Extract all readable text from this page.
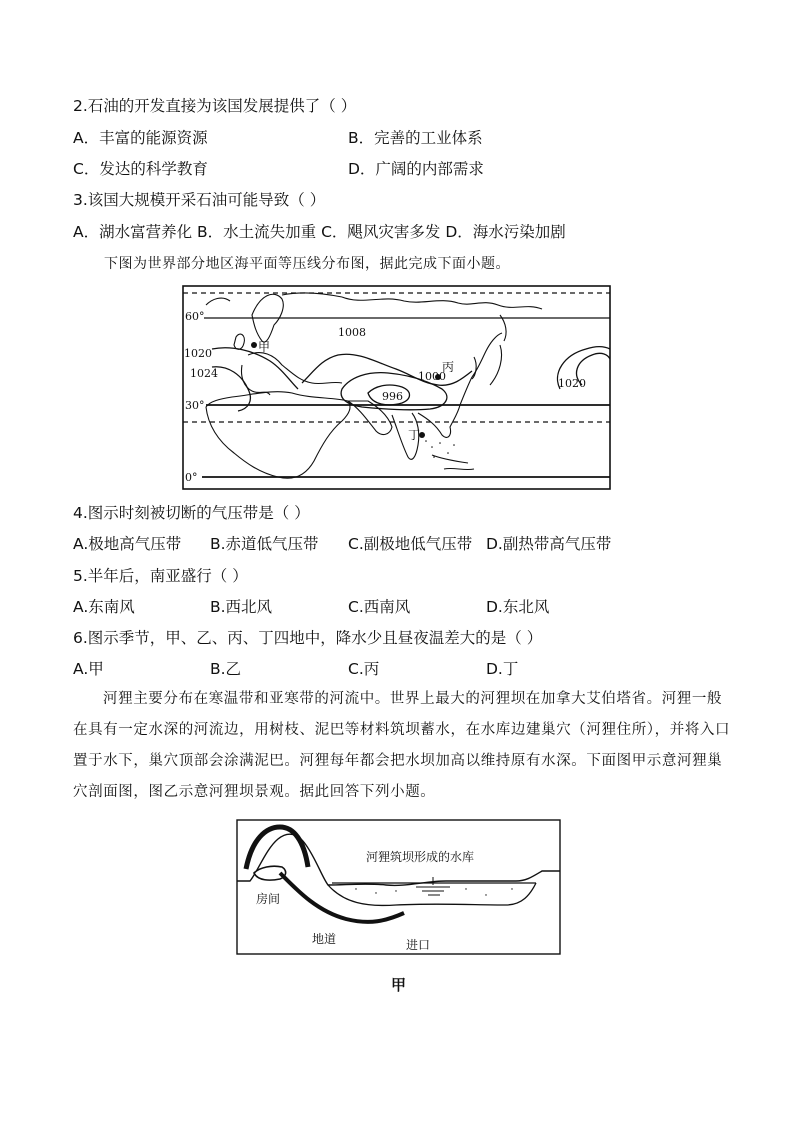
2.石油的开发直接为该国发展提供了（ ）
A．丰富的能源资源	B．完善的工业体系
C．发达的科学教育	D．广阔的内部需求
3.该国大规模开采石油可能导致（ ）
A．湖水富营养化 B．水土流失加重 C．飓风灾害多发 D．海水污染加剧
下图为世界部分地区海平面等压线分布图，据此完成下面小题。
60°
30°
0°
1008
1020
1024	1000
996
1020
甲
丙
丁
4.图示时刻被切断的气压带是（ ）
A.极地高气压带 B.赤道低气压带 C.副极地低气压带 D.副热带高气压带
5.半年后，南亚盛行（ ）
A.东南风	B.西北风	C.西南风	D.东北风
6.图示季节，甲、乙、丙、丁四地中，降水少且昼夜温差大的是（ ）
A.甲	B.乙	C.丙	D.丁
河狸主要分布在寒温带和亚寒带的河流中。世界上最大的河狸坝在加拿大艾伯塔省。河狸一般在具有一定水深的河流边，用树枝、泥巴等材料筑坝蓄水，在水库边建巢穴（河狸住所），并将入口置于水下，巢穴顶部会涂满泥巴。河狸每年都会把水坝加高以维持原有水深。下面图甲示意河狸巢穴剖面图，图乙示意河狸坝景观。据此回答下列小题。
河狸筑坝形成的水库
房间
地道	进口
甲
